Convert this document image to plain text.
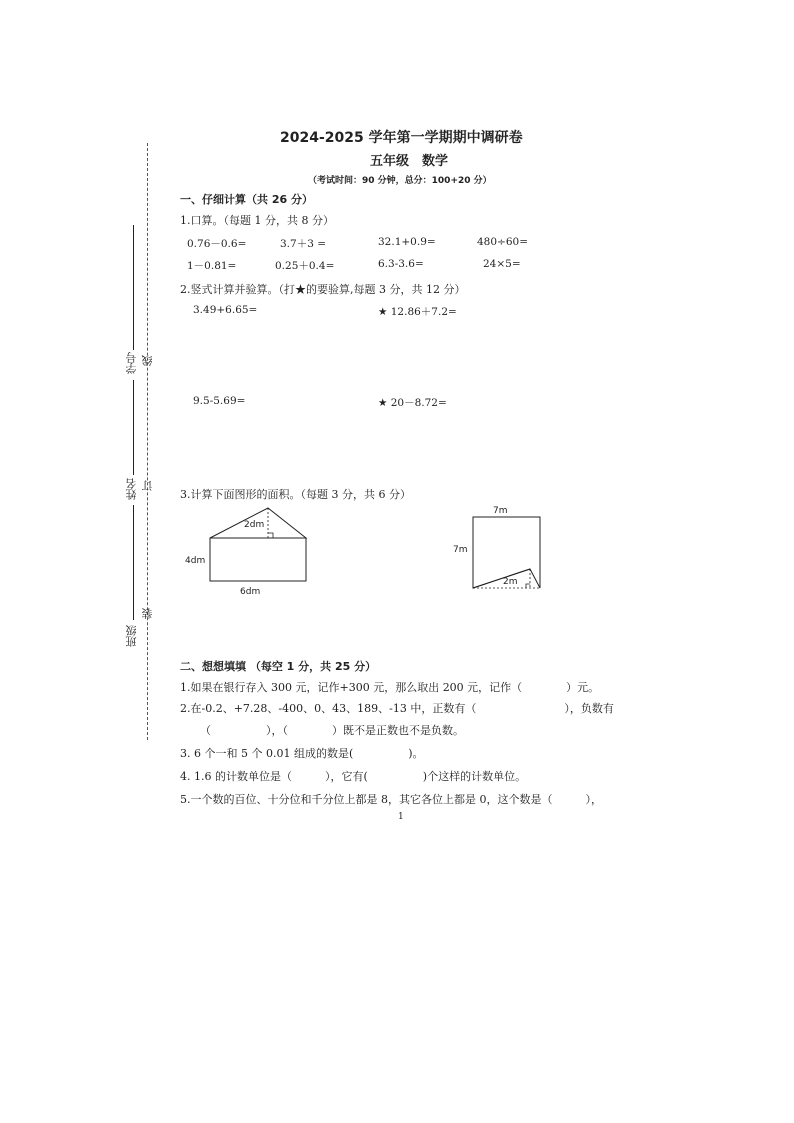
学号 线
姓名 订
班级
装
2024-2025 学年第一学期期中调研卷
五年级　数学
（考试时间：90 分钟，总分：100+20 分）
一、仔细计算（共 26 分）
1.口算。（每题 1 分，共 8 分）
0.76－0.6=	3.7＋3 =	32.1+0.9=	480÷60=
1－0.81=	0.25＋0.4=	6.3-3.6=	24×5=
2.竖式计算并验算。（打★的要验算,每题 3 分，共 12 分）
3.49+6.65=	★ 12.86＋7.2=
9.5-5.69=	★ 20－8.72=
3.计算下面图形的面积。（每题 3 分，共 6 分）
2dm
4dm
6dm
7m
7m
2m
二、想想填填 （每空 1 分，共 25 分）
1.如果在银行存入 300 元，记作+300 元，那么取出 200 元，记作（　　　　）元。
2.在-0.2、+7.28、-400、0、43、189、-13 中，正数有（　　　　　　　　），负数有
（　　　　　），（　　　　）既不是正数也不是负数。
3. 6 个一和 5 个 0.01 组成的数是(　　　　　)。
4. 1.6 的计数单位是（　　　），它有(　　　　　)个这样的计数单位。
5.一个数的百位、十分位和千分位上都是 8，其它各位上都是 0，这个数是（　　　），
1
